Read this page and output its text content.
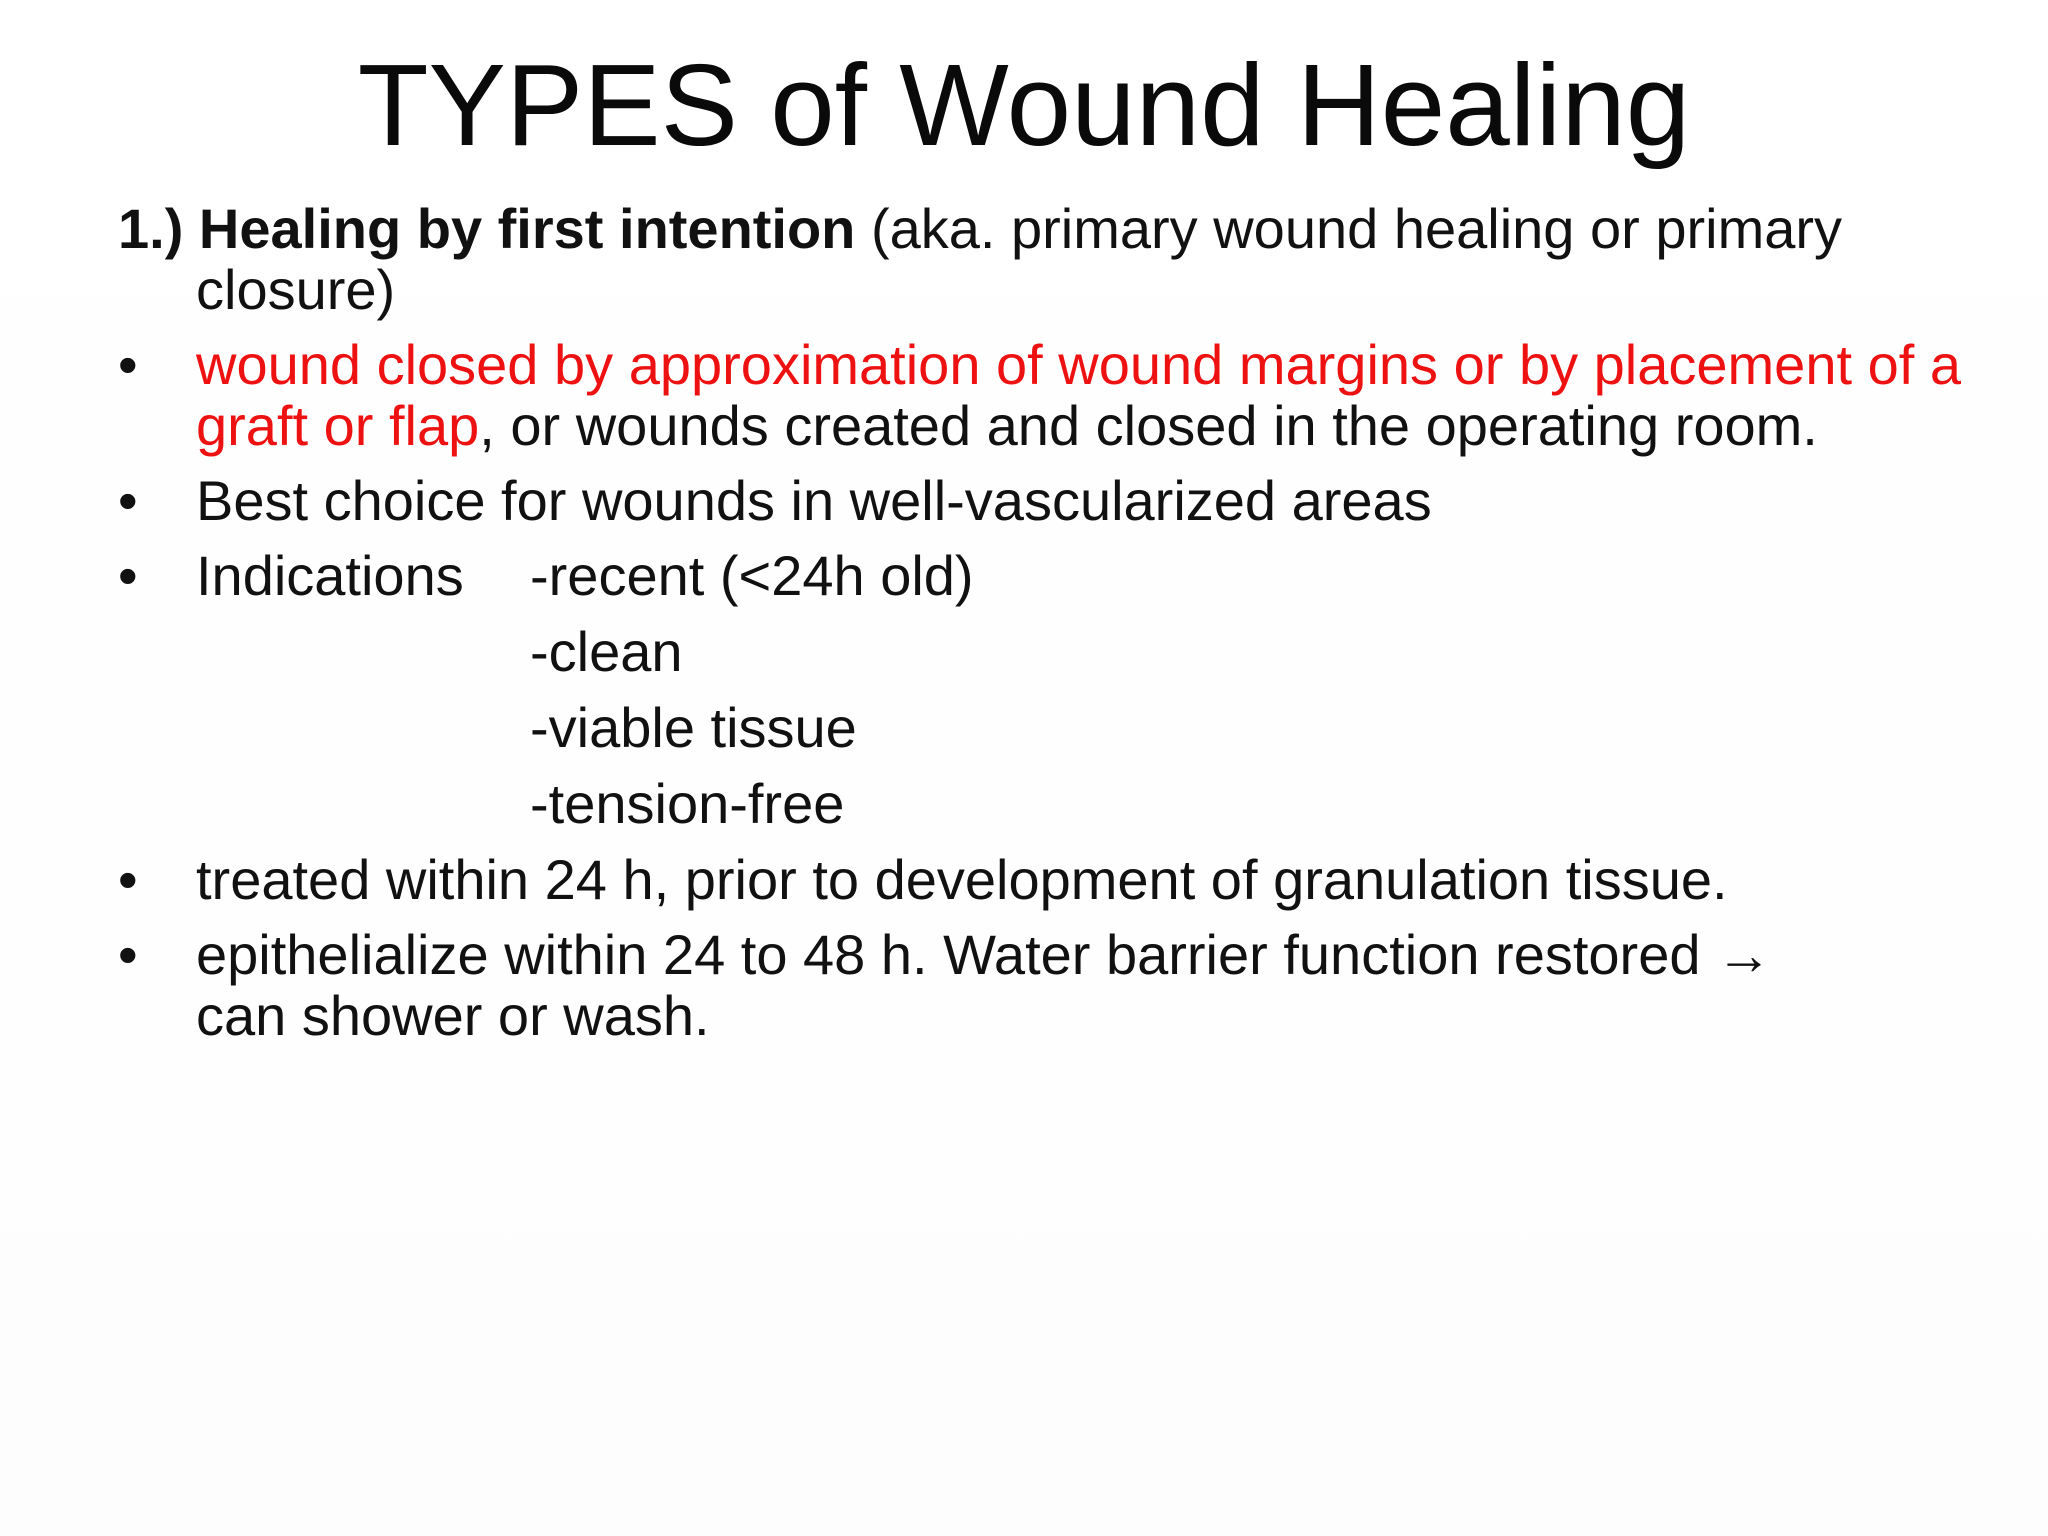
TYPES of Wound Healing

1.) Healing by first intention (aka. primary wound healing or primary closure)

•	wound closed by approximation of wound margins or by placement of a graft or flap, or wounds created and closed in the operating room.
•	Best choice for wounds in well-vascularized areas
•	Indications -recent (<24h old)
-clean
-viable tissue
-tension-free
•	treated within 24 h, prior to development of granulation tissue.
•	epithelialize within 24 to 48 h. Water barrier function restored →
can shower or wash.
